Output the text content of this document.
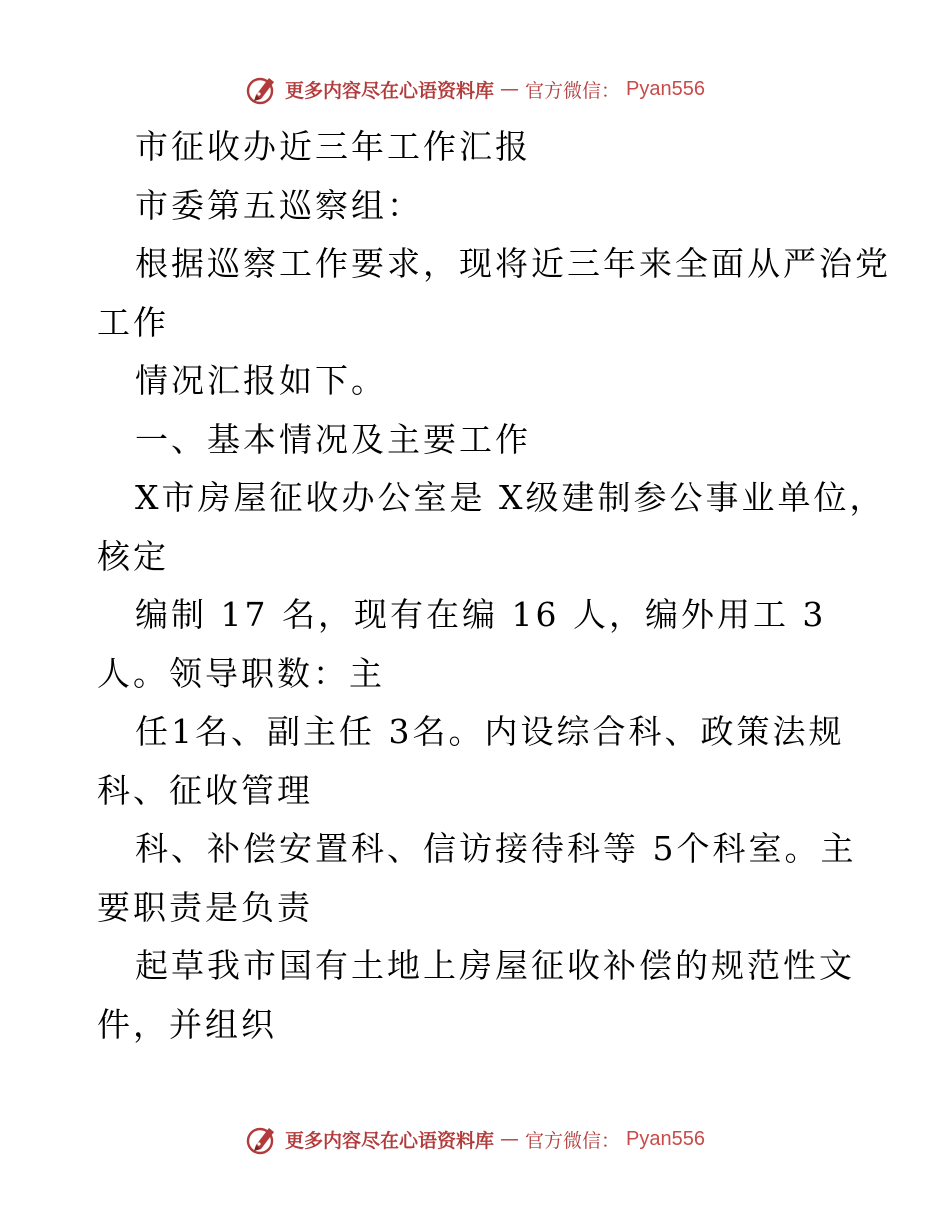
更多内容尽在心语资料库 — 官方微信： Pyan556
市征收办近三年工作汇报
市委第五巡察组：
根据巡察工作要求，现将近三年来全面从严治党
工作
情况汇报如下。
一、基本情况及主要工作
X市房屋征收办公室是 X级建制参公事业单位，
核定
编制 17 名，现有在编 16 人，编外用工 3
人。领导职数：主
任1名、副主任 3名。内设综合科、政策法规
科、征收管理
科、补偿安置科、信访接待科等 5个科室。主
要职责是负责
起草我市国有土地上房屋征收补偿的规范性文
件，并组织
更多内容尽在心语资料库 — 官方微信： Pyan556
